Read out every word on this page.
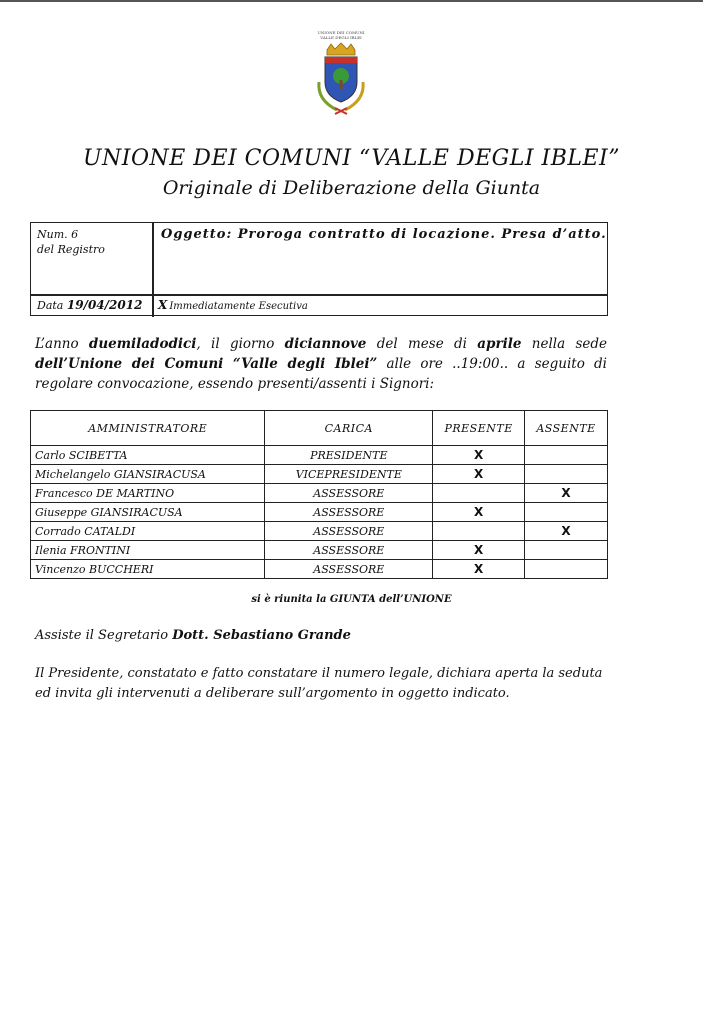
UNIONE DEI COMUNI
VALLE DEGLI IBLEI
UNIONE DEI COMUNI “VALLE DEGLI IBLEI”
Originale di Deliberazione della Giunta
Num. 6
del Registro
Oggetto: Proroga contratto di locazione. Presa d’atto.
Data 19/04/2012 X Immediatamente Esecutiva
L’anno duemiladodici, il giorno diciannove del mese di aprile nella sede dell’Unione dei Comuni “Valle degli Iblei” alle ore ..19:00.. a seguito di regolare convocazione, essendo presenti/assenti i Signori:
AMMINISTRATORE	CARICA	PRESENTE	ASSENTE
Carlo SCIBETTA	PRESIDENTE	X	
Michelangelo GIANSIRACUSA	VICEPRESIDENTE	X	
Francesco DE MARTINO	ASSESSORE		X
Giuseppe GIANSIRACUSA	ASSESSORE	X	
Corrado CATALDI	ASSESSORE		X
Ilenia FRONTINI	ASSESSORE	X	
Vincenzo BUCCHERI	ASSESSORE	X	
si è riunita la GIUNTA dell’UNIONE
Assiste il Segretario Dott. Sebastiano Grande
Il Presidente, constatato e fatto constatare il numero legale, dichiara aperta la seduta ed invita gli intervenuti a deliberare sull’argomento in oggetto indicato.
